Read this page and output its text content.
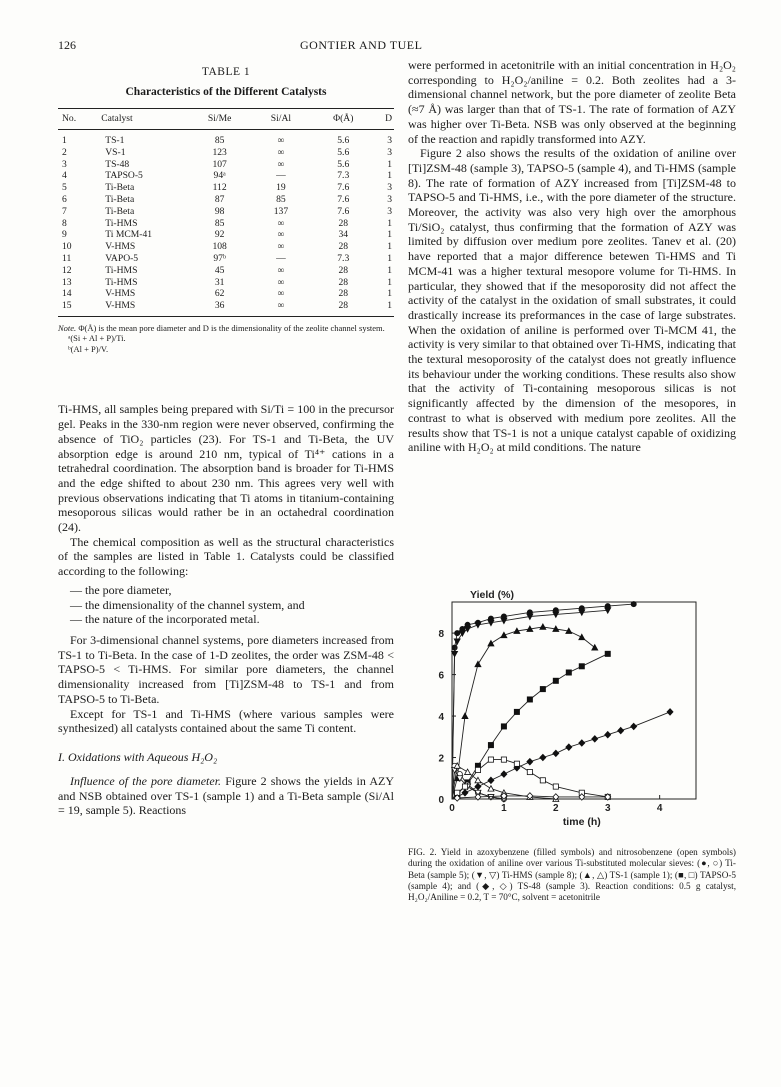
126	GONTIER AND TUEL
TABLE 1
Characteristics of the Different Catalysts
No.	Catalyst	Si/Me	Si/Al	Φ(Å)	D
1	TS-1	85	∞	5.6	3
2	VS-1	123	∞	5.6	3
3	TS-48	107	∞	5.6	1
4	TAPSO-5	94ᵃ	—	7.3	1
5	Ti-Beta	112	19	7.6	3
6	Ti-Beta	87	85	7.6	3
7	Ti-Beta	98	137	7.6	3
8	Ti-HMS	85	∞	28	1
9	Ti MCM-41	92	∞	34	1
10	V-HMS	108	∞	28	1
11	VAPO-5	97ᵇ	—	7.3	1
12	Ti-HMS	45	∞	28	1
13	Ti-HMS	31	∞	28	1
14	V-HMS	62	∞	28	1
15	V-HMS	36	∞	28	1
Note. Φ(Å) is the mean pore diameter and D is the dimensionality of the zeolite channel system.
ᵃ(Si + Al + P)/Ti.
ᵇ(Al + P)/V.

Ti-HMS, all samples being prepared with Si/Ti = 100 in the precursor gel. Peaks in the 330-nm region were never observed, confirming the absence of TiO₂ particles (23). For TS-1 and Ti-Beta, the UV absorption edge is around 210 nm, typical of Ti⁴⁺ cations in a tetrahedral coordination. The absorption band is broader for Ti-HMS and the edge shifted to about 230 nm. This agrees very well with previous observations indicating that Ti atoms in titanium-containing mesoporous silicas would rather be in an octahedral coordination (24).

The chemical composition as well as the structural characteristics of the samples are listed in Table 1. Catalysts could be classified according to the following:

— the pore diameter,
— the dimensionality of the channel system, and
— the nature of the incorporated metal.

For 3-dimensional channel systems, pore diameters increased from TS-1 to Ti-Beta. In the case of 1-D zeolites, the order was ZSM-48 < TAPSO-5 < Ti-HMS. For similar pore diameters, the channel dimensionality increased from [Ti]ZSM-48 to TS-1 and from TAPSO-5 to Ti-Beta.

Except for TS-1 and Ti-HMS (where various samples were synthesized) all catalysts contained about the same Ti content.

I. Oxidations with Aqueous H₂O₂

Influence of the pore diameter. Figure 2 shows the yields in AZY and NSB obtained over TS-1 (sample 1) and a Ti-Beta sample (Si/Al = 19, sample 5). Reactions

were performed in acetonitrile with an initial concentration in H₂O₂ corresponding to H₂O₂/aniline = 0.2. Both zeolites had a 3-dimensional channel network, but the pore diameter of zeolite Beta (≈7 Å) was larger than that of TS-1. The rate of formation of AZY was higher over Ti-Beta. NSB was only observed at the beginning of the reaction and rapidly transformed into AZY.

Figure 2 also shows the results of the oxidation of aniline over [Ti]ZSM-48 (sample 3), TAPSO-5 (sample 4), and Ti-HMS (sample 8). The rate of formation of AZY increased from [Ti]ZSM-48 to TAPSO-5 and Ti-HMS, i.e., with the pore diameter of the structure. Moreover, the activity was also very high over the amorphous Ti/SiO₂ catalyst, thus confirming that the formation of AZY was limited by diffusion over medium pore zeolites. Tanev et al. (20) have reported that a major difference betewen Ti-HMS and Ti MCM-41 was a higher textural mesopore volume for Ti-HMS. In particular, they showed that if the mesoporosity did not affect the activity of the catalyst in the oxidation of small substrates, it could drastically increase its preformances in the case of large substrates. When the oxidation of aniline is performed over Ti-MCM 41, the activity is very similar to that obtained over Ti-HMS, indicating that the textural mesoporosity of the catalyst does not greatly influence its behaviour under the working conditions. These results also show that the activity of Ti-containing mesoporous silicas is not significantly affected by the dimension of the mesopores, in contrast to what is observed with medium pore zeolites. All the results show that TS-1 is not a unique catalyst capable of oxidizing aniline with H₂O₂ at mild conditions. The nature

Yield (%)
time (h)
0
2
4
6
8
0	1	2	3	4
FIG. 2. Yield in azoxybenzene (filled symbols) and nitrosobenzene (open symbols) during the oxidation of aniline over various Ti-substituted molecular sieves: (●, ○) Ti-Beta (sample 5); (▼, ▽) Ti-HMS (sample 8); (▲, △) TS-1 (sample 1); (■, □) TAPSO-5 (sample 4); and (◆, ◇) TS-48 (sample 3). Reaction conditions: 0.5 g catalyst, H₂O₂/Aniline = 0.2, T = 70°C, solvent = acetonitrile
